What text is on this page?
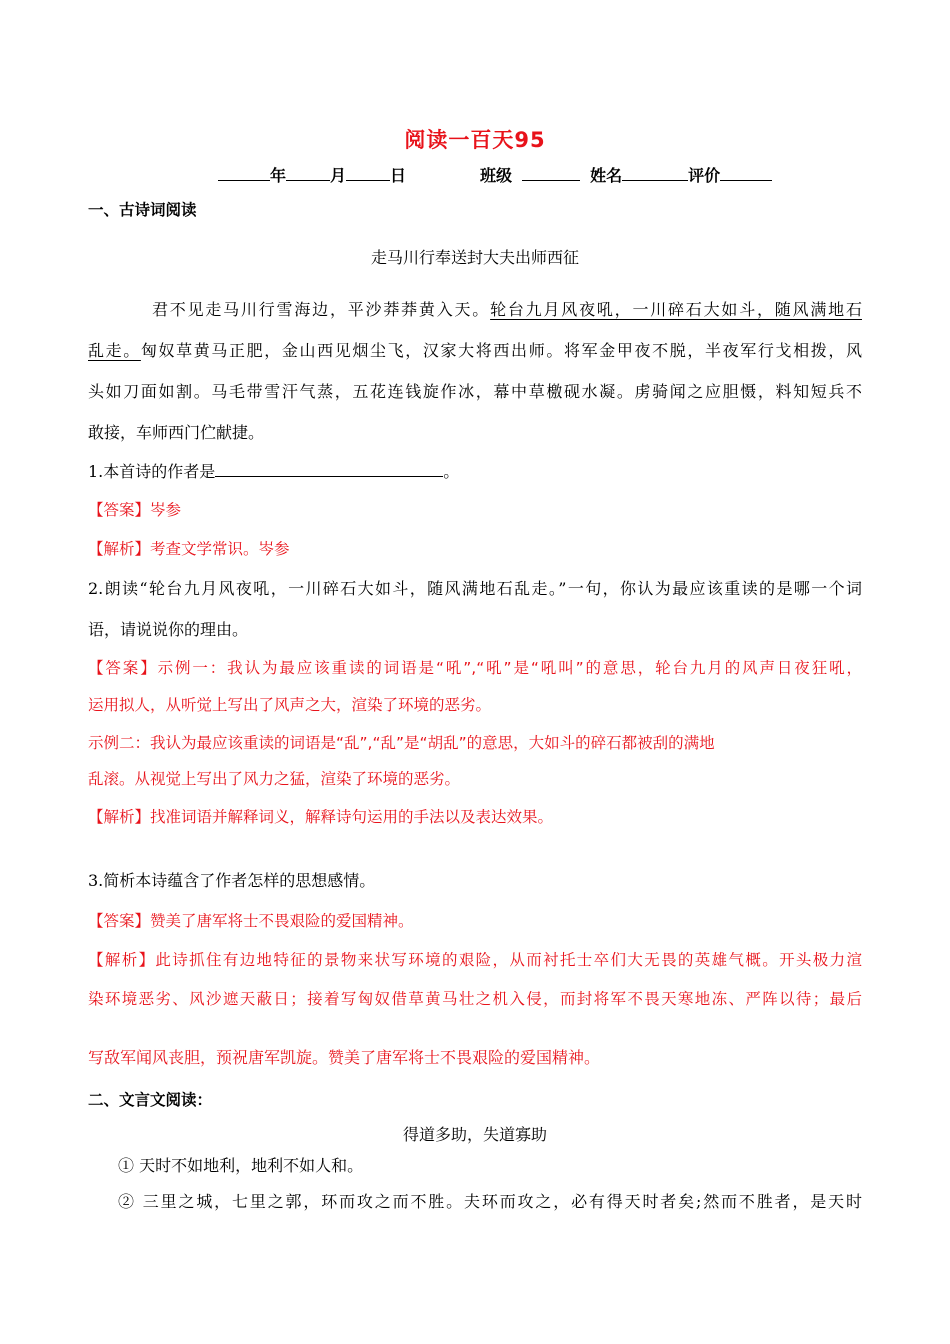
阅读一百天95
年	月	日	班级	姓名	评价
一、古诗词阅读
走马川行奉送封大夫出师西征
君不见走马川行雪海边，平沙莽莽黄入天。轮台九月风夜吼，一川碎石大如斗，随风满地石
乱走。匈奴草黄马正肥，金山西见烟尘飞，汉家大将西出师。将军金甲夜不脱，半夜军行戈相拨，风
头如刀面如割。马毛带雪汗气蒸，五花连钱旋作冰，幕中草檄砚水凝。虏骑闻之应胆慑，料知短兵不
敢接，车师西门伫献捷。
1.本首诗的作者是	。
【答案】岑参
【解析】考查文学常识。岑参
2.朗读“轮台九月风夜吼，一川碎石大如斗，随风满地石乱走。”一句，你认为最应该重读的是哪一个词
语，请说说你的理由。
【答案】示例一：我认为最应该重读的词语是“吼”,“吼”是“吼叫”的意思，轮台九月的风声日夜狂吼，
运用拟人，从听觉上写出了风声之大，渲染了环境的恶劣。
示例二：我认为最应该重读的词语是“乱”,“乱”是“胡乱”的意思，大如斗的碎石都被刮的满地
乱滚。从视觉上写出了风力之猛，渲染了环境的恶劣。
【解析】找准词语并解释词义，解释诗句运用的手法以及表达效果。
3.简析本诗蕴含了作者怎样的思想感情。
【答案】赞美了唐军将士不畏艰险的爱国精神。
【解析】此诗抓住有边地特征的景物来状写环境的艰险，从而衬托士卒们大无畏的英雄气概。开头极力渲
染环境恶劣、风沙遮天蔽日；接着写匈奴借草黄马壮之机入侵，而封将军不畏天寒地冻、严阵以待；最后
写敌军闻风丧胆，预祝唐军凯旋。赞美了唐军将士不畏艰险的爱国精神。
二、文言文阅读：
得道多助，失道寡助
① 天时不如地利，地利不如人和。
② 三里之城，七里之郭，环而攻之而不胜。夫环而攻之，必有得天时者矣;然而不胜者，是天时
